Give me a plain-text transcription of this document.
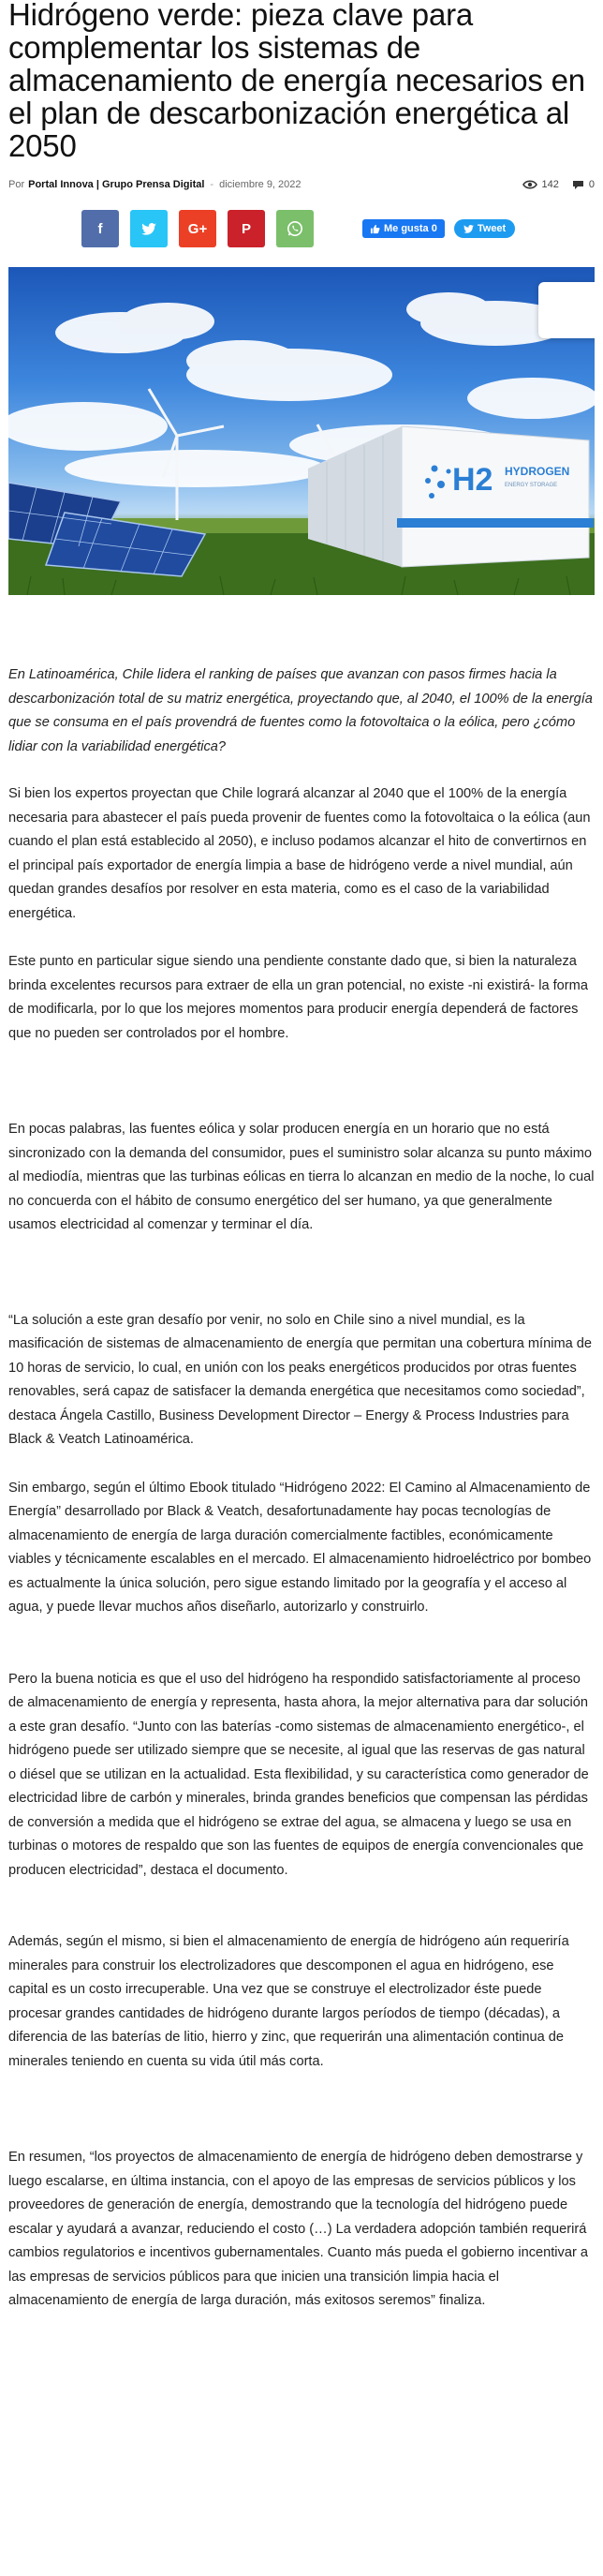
Hidrógeno verde: pieza clave para complementar los sistemas de almacenamiento de energía necesarios en el plan de descarbonización energética al 2050
Por Portal Innova | Grupo Prensa Digital - diciembre 9, 2022	142	0
f	G+ P	Me gusta 0	Tweet
H2 HYDROGEN
ENERGY STORAGE

En Latinoamérica, Chile lidera el ranking de países que avanzan con pasos firmes hacia la descarbonización total de su matriz energética, proyectando que, al 2040, el 100% de la energía que se consuma en el país provendrá de fuentes como la fotovoltaica o la eólica, pero ¿cómo lidiar con la variabilidad energética?

Si bien los expertos proyectan que Chile logrará alcanzar al 2040 que el 100% de la energía necesaria para abastecer el país pueda provenir de fuentes como la fotovoltaica o la eólica (aun cuando el plan está establecido al 2050), e incluso podamos alcanzar el hito de convertirnos en el principal país exportador de energía limpia a base de hidrógeno verde a nivel mundial, aún quedan grandes desafíos por resolver en esta materia, como es el caso de la variabilidad energética.

Este punto en particular sigue siendo una pendiente constante dado que, si bien la naturaleza brinda excelentes recursos para extraer de ella un gran potencial, no existe -ni existirá- la forma de modificarla, por lo que los mejores momentos para producir energía dependerá de factores que no pueden ser controlados por el hombre.

En pocas palabras, las fuentes eólica y solar producen energía en un horario que no está sincronizado con la demanda del consumidor, pues el suministro solar alcanza su punto máximo al mediodía, mientras que las turbinas eólicas en tierra lo alcanzan en medio de la noche, lo cual no concuerda con el hábito de consumo energético del ser humano, ya que generalmente usamos electricidad al comenzar y terminar el día.

“La solución a este gran desafío por venir, no solo en Chile sino a nivel mundial, es la masificación de sistemas de almacenamiento de energía que permitan una cobertura mínima de 10 horas de servicio, lo cual, en unión con los peaks energéticos producidos por otras fuentes renovables, será capaz de satisfacer la demanda energética que necesitamos como sociedad”, destaca Ángela Castillo, Business Development Director – Energy & Process Industries para Black & Veatch Latinoamérica.

Sin embargo, según el último Ebook titulado “Hidrógeno 2022: El Camino al Almacenamiento de Energía” desarrollado por Black & Veatch, desafortunadamente hay pocas tecnologías de almacenamiento de energía de larga duración comercialmente factibles, económicamente viables y técnicamente escalables en el mercado. El almacenamiento hidroeléctrico por bombeo es actualmente la única solución, pero sigue estando limitado por la geografía y el acceso al agua, y puede llevar muchos años diseñarlo, autorizarlo y construirlo.

Pero la buena noticia es que el uso del hidrógeno ha respondido satisfactoriamente al proceso de almacenamiento de energía y representa, hasta ahora, la mejor alternativa para dar solución a este gran desafío. “Junto con las baterías -como sistemas de almacenamiento energético-, el hidrógeno puede ser utilizado siempre que se necesite, al igual que las reservas de gas natural o diésel que se utilizan en la actualidad. Esta flexibilidad, y su característica como generador de electricidad libre de carbón y minerales, brinda grandes beneficios que compensan las pérdidas de conversión a medida que el hidrógeno se extrae del agua, se almacena y luego se usa en turbinas o motores de respaldo que son las fuentes de equipos de energía convencionales que producen electricidad”, destaca el documento.

Además, según el mismo, si bien el almacenamiento de energía de hidrógeno aún requeriría minerales para construir los electrolizadores que descomponen el agua en hidrógeno, ese capital es un costo irrecuperable. Una vez que se construye el electrolizador éste puede procesar grandes cantidades de hidrógeno durante largos períodos de tiempo (décadas), a diferencia de las baterías de litio, hierro y zinc, que requerirán una alimentación continua de minerales teniendo en cuenta su vida útil más corta.

En resumen, “los proyectos de almacenamiento de energía de hidrógeno deben demostrarse y luego escalarse, en última instancia, con el apoyo de las empresas de servicios públicos y los proveedores de generación de energía, demostrando que la tecnología del hidrógeno puede escalar y ayudará a avanzar, reduciendo el costo (…) La verdadera adopción también requerirá cambios regulatorios e incentivos gubernamentales. Cuanto más pueda el gobierno incentivar a las empresas de servicios públicos para que inicien una transición limpia hacia el almacenamiento de energía de larga duración, más exitosos seremos” finaliza.
